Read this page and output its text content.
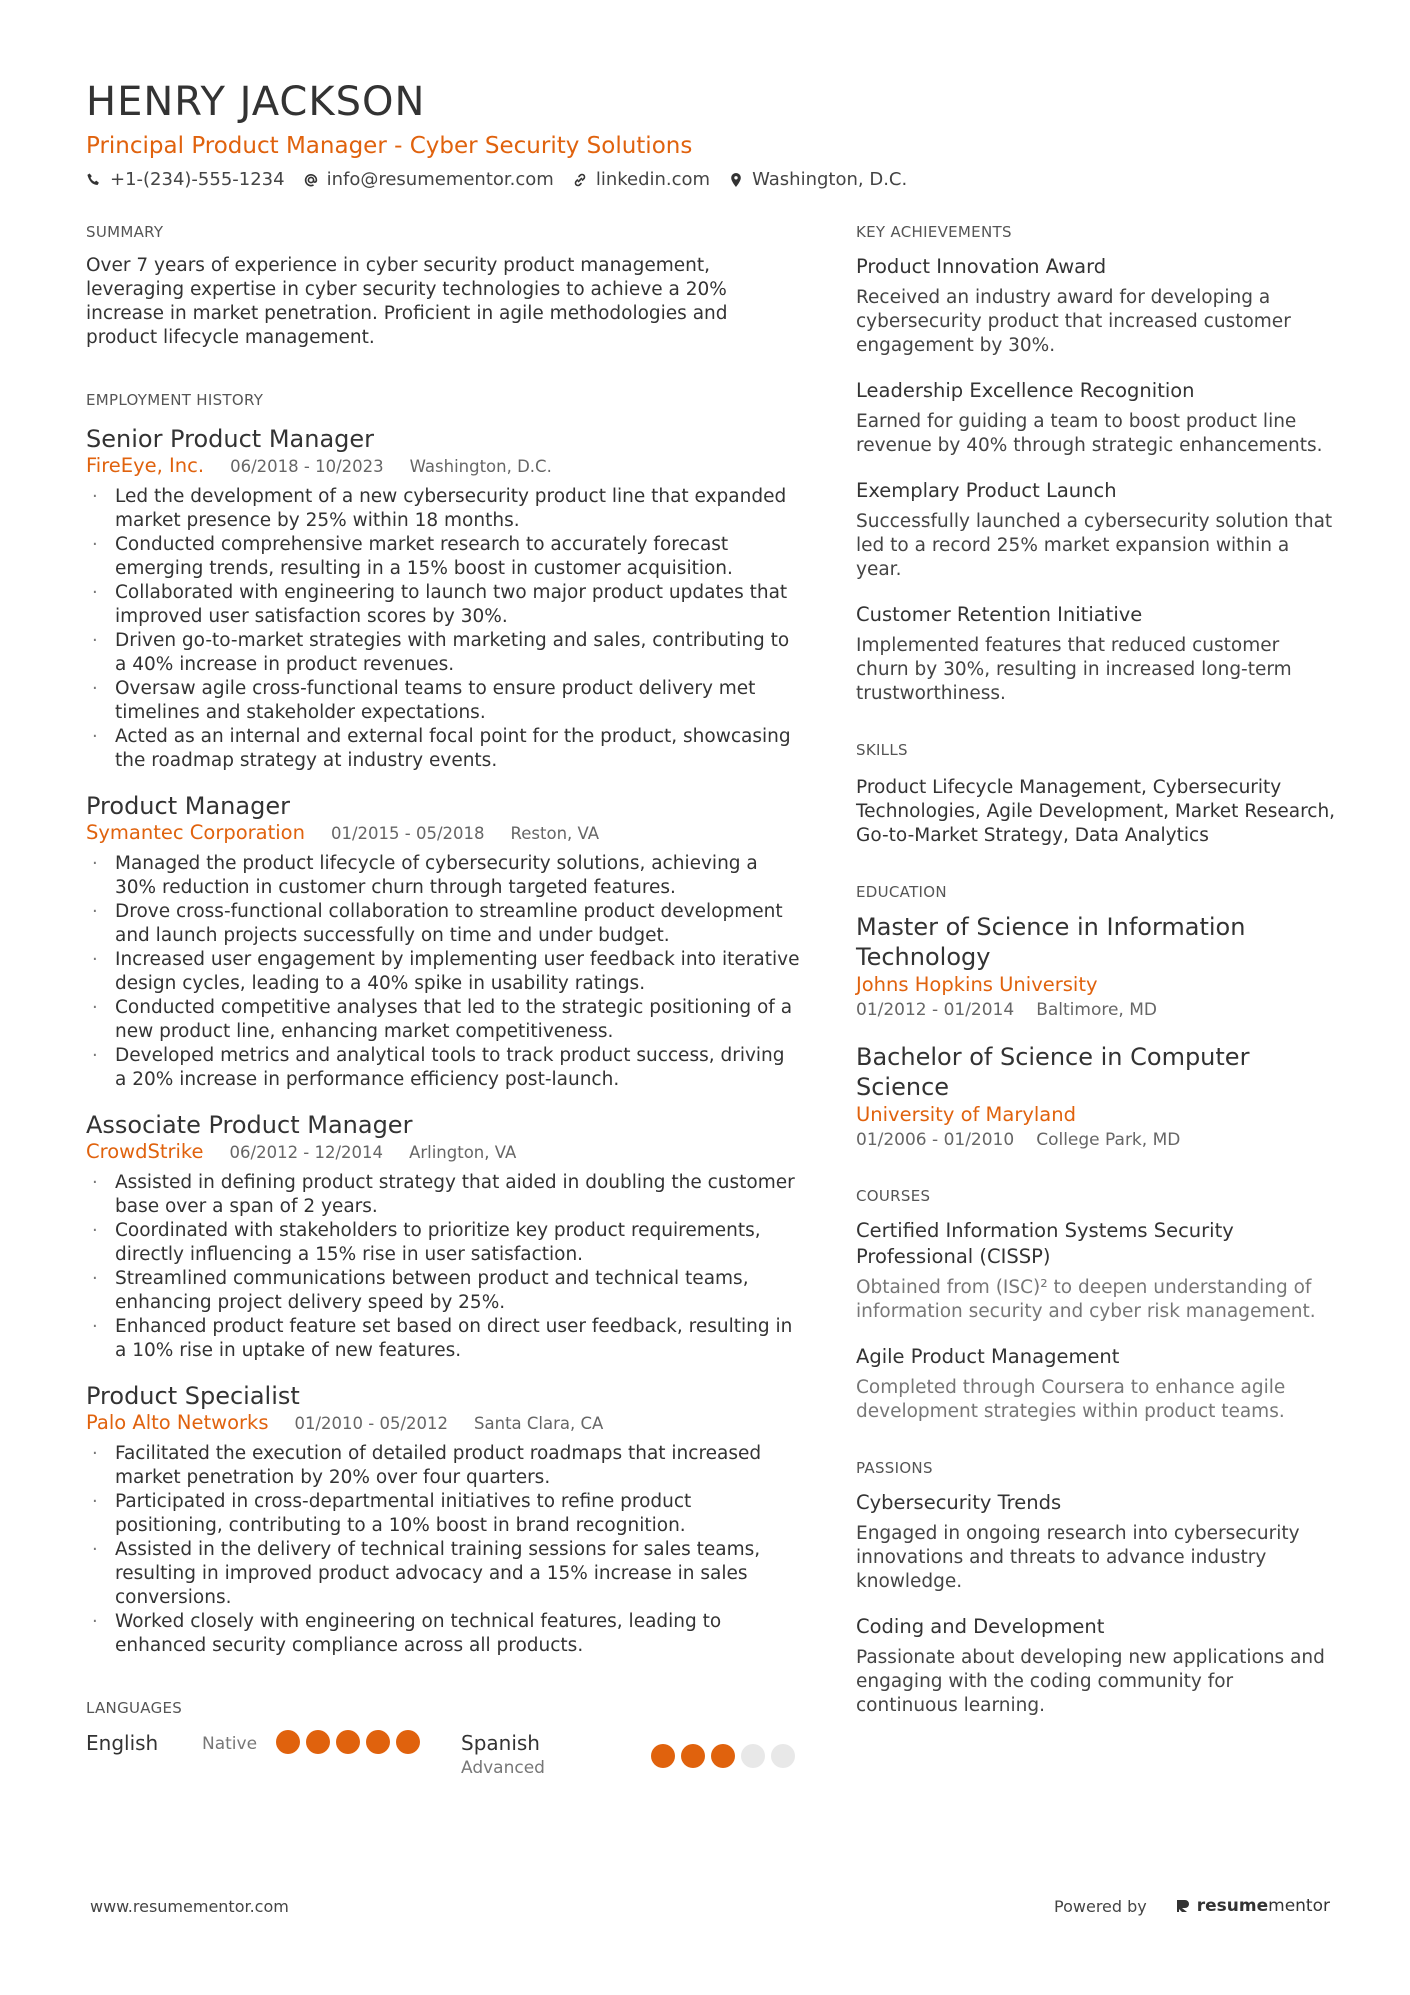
HENRY JACKSON
Principal Product Manager - Cyber Security Solutions
+1-(234)-555-1234 info@resumementor.com linkedin.com Washington, D.C.
SUMMARY
Over 7 years of experience in cyber security product management, leveraging expertise in cyber security technologies to achieve a 20% increase in market penetration. Proficient in agile methodologies and product lifecycle management.
EMPLOYMENT HISTORY
Senior Product Manager
FireEye, Inc. 06/2018 - 10/2023 Washington, D.C.
· Led the development of a new cybersecurity product line that expanded market presence by 25% within 18 months.
· Conducted comprehensive market research to accurately forecast emerging trends, resulting in a 15% boost in customer acquisition.
· Collaborated with engineering to launch two major product updates that improved user satisfaction scores by 30%.
· Driven go-to-market strategies with marketing and sales, contributing to a 40% increase in product revenues.
· Oversaw agile cross-functional teams to ensure product delivery met timelines and stakeholder expectations.
· Acted as an internal and external focal point for the product, showcasing the roadmap strategy at industry events.
Product Manager
Symantec Corporation 01/2015 - 05/2018 Reston, VA
· Managed the product lifecycle of cybersecurity solutions, achieving a 30% reduction in customer churn through targeted features.
· Drove cross-functional collaboration to streamline product development and launch projects successfully on time and under budget.
· Increased user engagement by implementing user feedback into iterative design cycles, leading to a 40% spike in usability ratings.
· Conducted competitive analyses that led to the strategic positioning of a new product line, enhancing market competitiveness.
· Developed metrics and analytical tools to track product success, driving a 20% increase in performance efficiency post-launch.
Associate Product Manager
CrowdStrike 06/2012 - 12/2014 Arlington, VA
· Assisted in defining product strategy that aided in doubling the customer base over a span of 2 years.
· Coordinated with stakeholders to prioritize key product requirements, directly influencing a 15% rise in user satisfaction.
· Streamlined communications between product and technical teams, enhancing project delivery speed by 25%.
· Enhanced product feature set based on direct user feedback, resulting in a 10% rise in uptake of new features.
Product Specialist
Palo Alto Networks 01/2010 - 05/2012 Santa Clara, CA
· Facilitated the execution of detailed product roadmaps that increased market penetration by 20% over four quarters.
· Participated in cross-departmental initiatives to refine product positioning, contributing to a 10% boost in brand recognition.
· Assisted in the delivery of technical training sessions for sales teams, resulting in improved product advocacy and a 15% increase in sales conversions.
· Worked closely with engineering on technical features, leading to enhanced security compliance across all products.
LANGUAGES
English	Native	Spanish
Advanced
KEY ACHIEVEMENTS
Product Innovation Award
Received an industry award for developing a cybersecurity product that increased customer engagement by 30%.
Leadership Excellence Recognition
Earned for guiding a team to boost product line revenue by 40% through strategic enhancements.
Exemplary Product Launch
Successfully launched a cybersecurity solution that led to a record 25% market expansion within a year.
Customer Retention Initiative
Implemented features that reduced customer churn by 30%, resulting in increased long-term trustworthiness.
SKILLS
Product Lifecycle Management, Cybersecurity Technologies, Agile Development, Market Research, Go-to-Market Strategy, Data Analytics
EDUCATION
Master of Science in Information Technology
Johns Hopkins University
01/2012 - 01/2014 Baltimore, MD
Bachelor of Science in Computer Science
University of Maryland
01/2006 - 01/2010 College Park, MD
COURSES
Certified Information Systems Security Professional (CISSP)
Obtained from (ISC)² to deepen understanding of information security and cyber risk management.
Agile Product Management
Completed through Coursera to enhance agile development strategies within product teams.
PASSIONS
Cybersecurity Trends
Engaged in ongoing research into cybersecurity innovations and threats to advance industry knowledge.
Coding and Development
Passionate about developing new applications and engaging with the coding community for continuous learning.
www.resumementor.com	Powered by	resumementor
